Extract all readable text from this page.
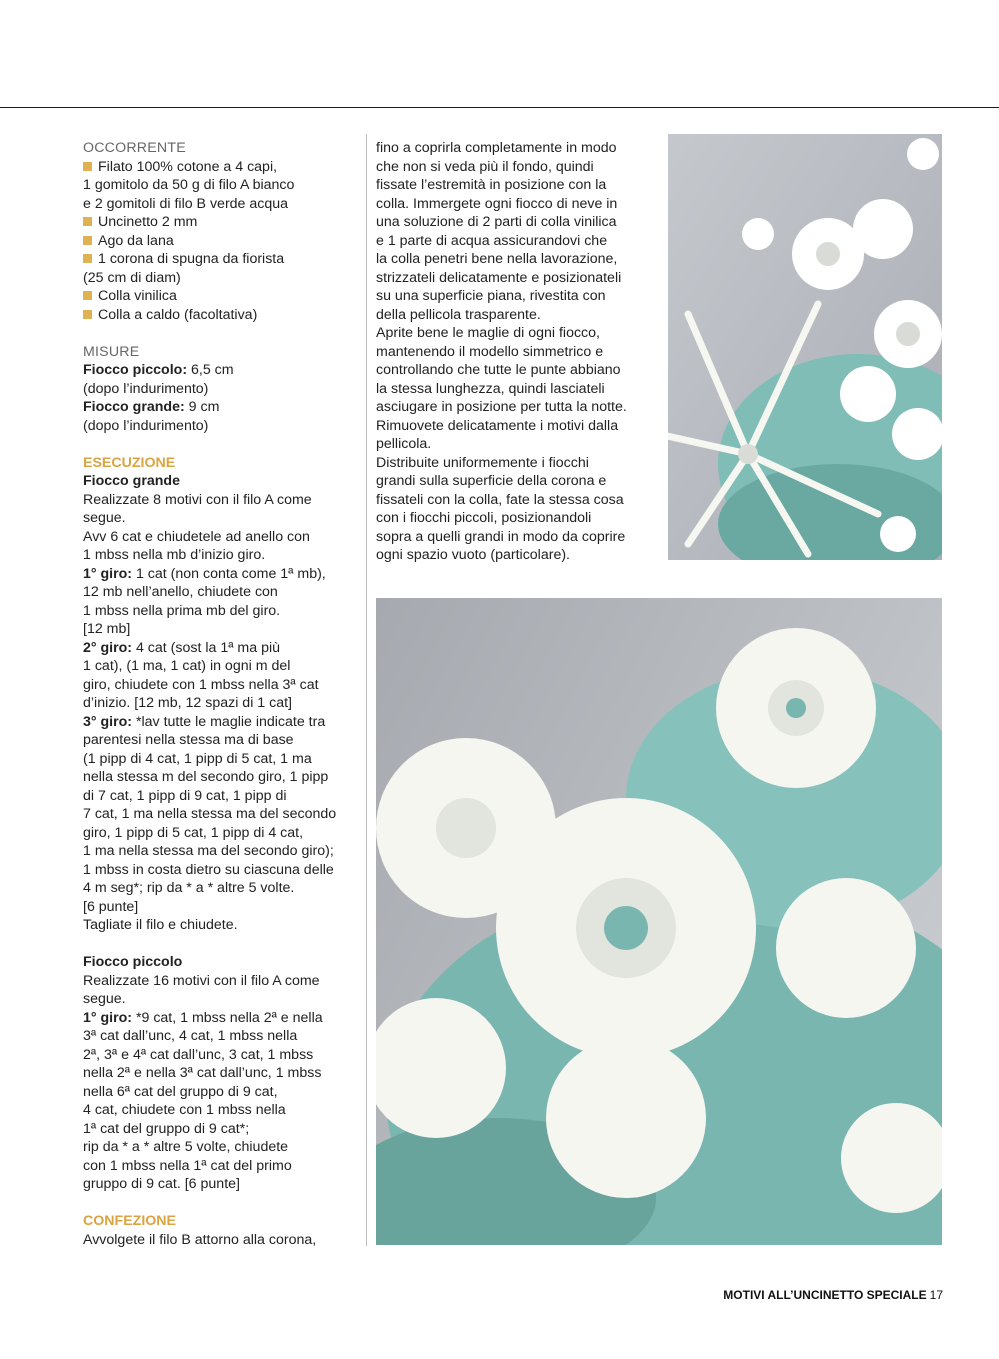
OCCORRENTE
Filato 100% cotone a 4 capi,
1 gomitolo da 50 g di filo A bianco
e 2 gomitoli di filo B verde acqua
Uncinetto 2 mm
Ago da lana
1 corona di spugna da fiorista
(25 cm di diam)
Colla vinilica
Colla a caldo (facoltativa)
MISURE
Fiocco piccolo: 6,5 cm
(dopo l’indurimento)
Fiocco grande: 9 cm
(dopo l’indurimento)
ESECUZIONE
Fiocco grande
Realizzate 8 motivi con il filo A come
segue.
Avv 6 cat e chiudetele ad anello con
1 mbss nella mb d’inizio giro.
1° giro: 1 cat (non conta come 1ª mb),
12 mb nell’anello, chiudete con
1 mbss nella prima mb del giro.
[12 mb]
2° giro: 4 cat (sost la 1ª ma più
1 cat), (1 ma, 1 cat) in ogni m del
giro, chiudete con 1 mbss nella 3ª cat
d’inizio. [12 mb, 12 spazi di 1 cat]
3° giro: *lav tutte le maglie indicate tra
parentesi nella stessa ma di base
(1 pipp di 4 cat, 1 pipp di 5 cat, 1 ma
nella stessa m del secondo giro, 1 pipp
di 7 cat, 1 pipp di 9 cat, 1 pipp di
7 cat, 1 ma nella stessa ma del secondo
giro, 1 pipp di 5 cat, 1 pipp di 4 cat,
1 ma nella stessa ma del secondo giro);
1 mbss in costa dietro su ciascuna delle
4 m seg*; rip da * a * altre 5 volte.
[6 punte]
Tagliate il filo e chiudete.
Fiocco piccolo
Realizzate 16 motivi con il filo A come
segue.
1° giro: *9 cat, 1 mbss nella 2ª e nella
3ª cat dall’unc, 4 cat, 1 mbss nella
2ª, 3ª e 4ª cat dall’unc, 3 cat, 1 mbss
nella 2ª e nella 3ª cat dall’unc, 1 mbss
nella 6ª cat del gruppo di 9 cat,
4 cat, chiudete con 1 mbss nella
1ª cat del gruppo di 9 cat*;
rip da * a * altre 5 volte, chiudete
con 1 mbss nella 1ª cat del primo
gruppo di 9 cat. [6 punte]
CONFEZIONE
Avvolgete il filo B attorno alla corona,
fino a coprirla completamente in modo
che non si veda più il fondo, quindi
fissate l’estremità in posizione con la
colla. Immergete ogni fiocco di neve in
una soluzione di 2 parti di colla vinilica
e 1 parte di acqua assicurandovi che
la colla penetri bene nella lavorazione,
strizzateli delicatamente e posizionateli
su una superficie piana, rivestita con
della pellicola trasparente.
Aprite bene le maglie di ogni fiocco,
mantenendo il modello simmetrico e
controllando che tutte le punte abbiano
la stessa lunghezza, quindi lasciateli
asciugare in posizione per tutta la notte.
Rimuovete delicatamente i motivi dalla
pellicola.
Distribuite uniformemente i fiocchi
grandi sulla superficie della corona e
fissateli con la colla, fate la stessa cosa
con i fiocchi piccoli, posizionandoli
sopra a quelli grandi in modo da coprire
ogni spazio vuoto (particolare).
MOTIVI ALL’UNCINETTO SPECIALE 17
